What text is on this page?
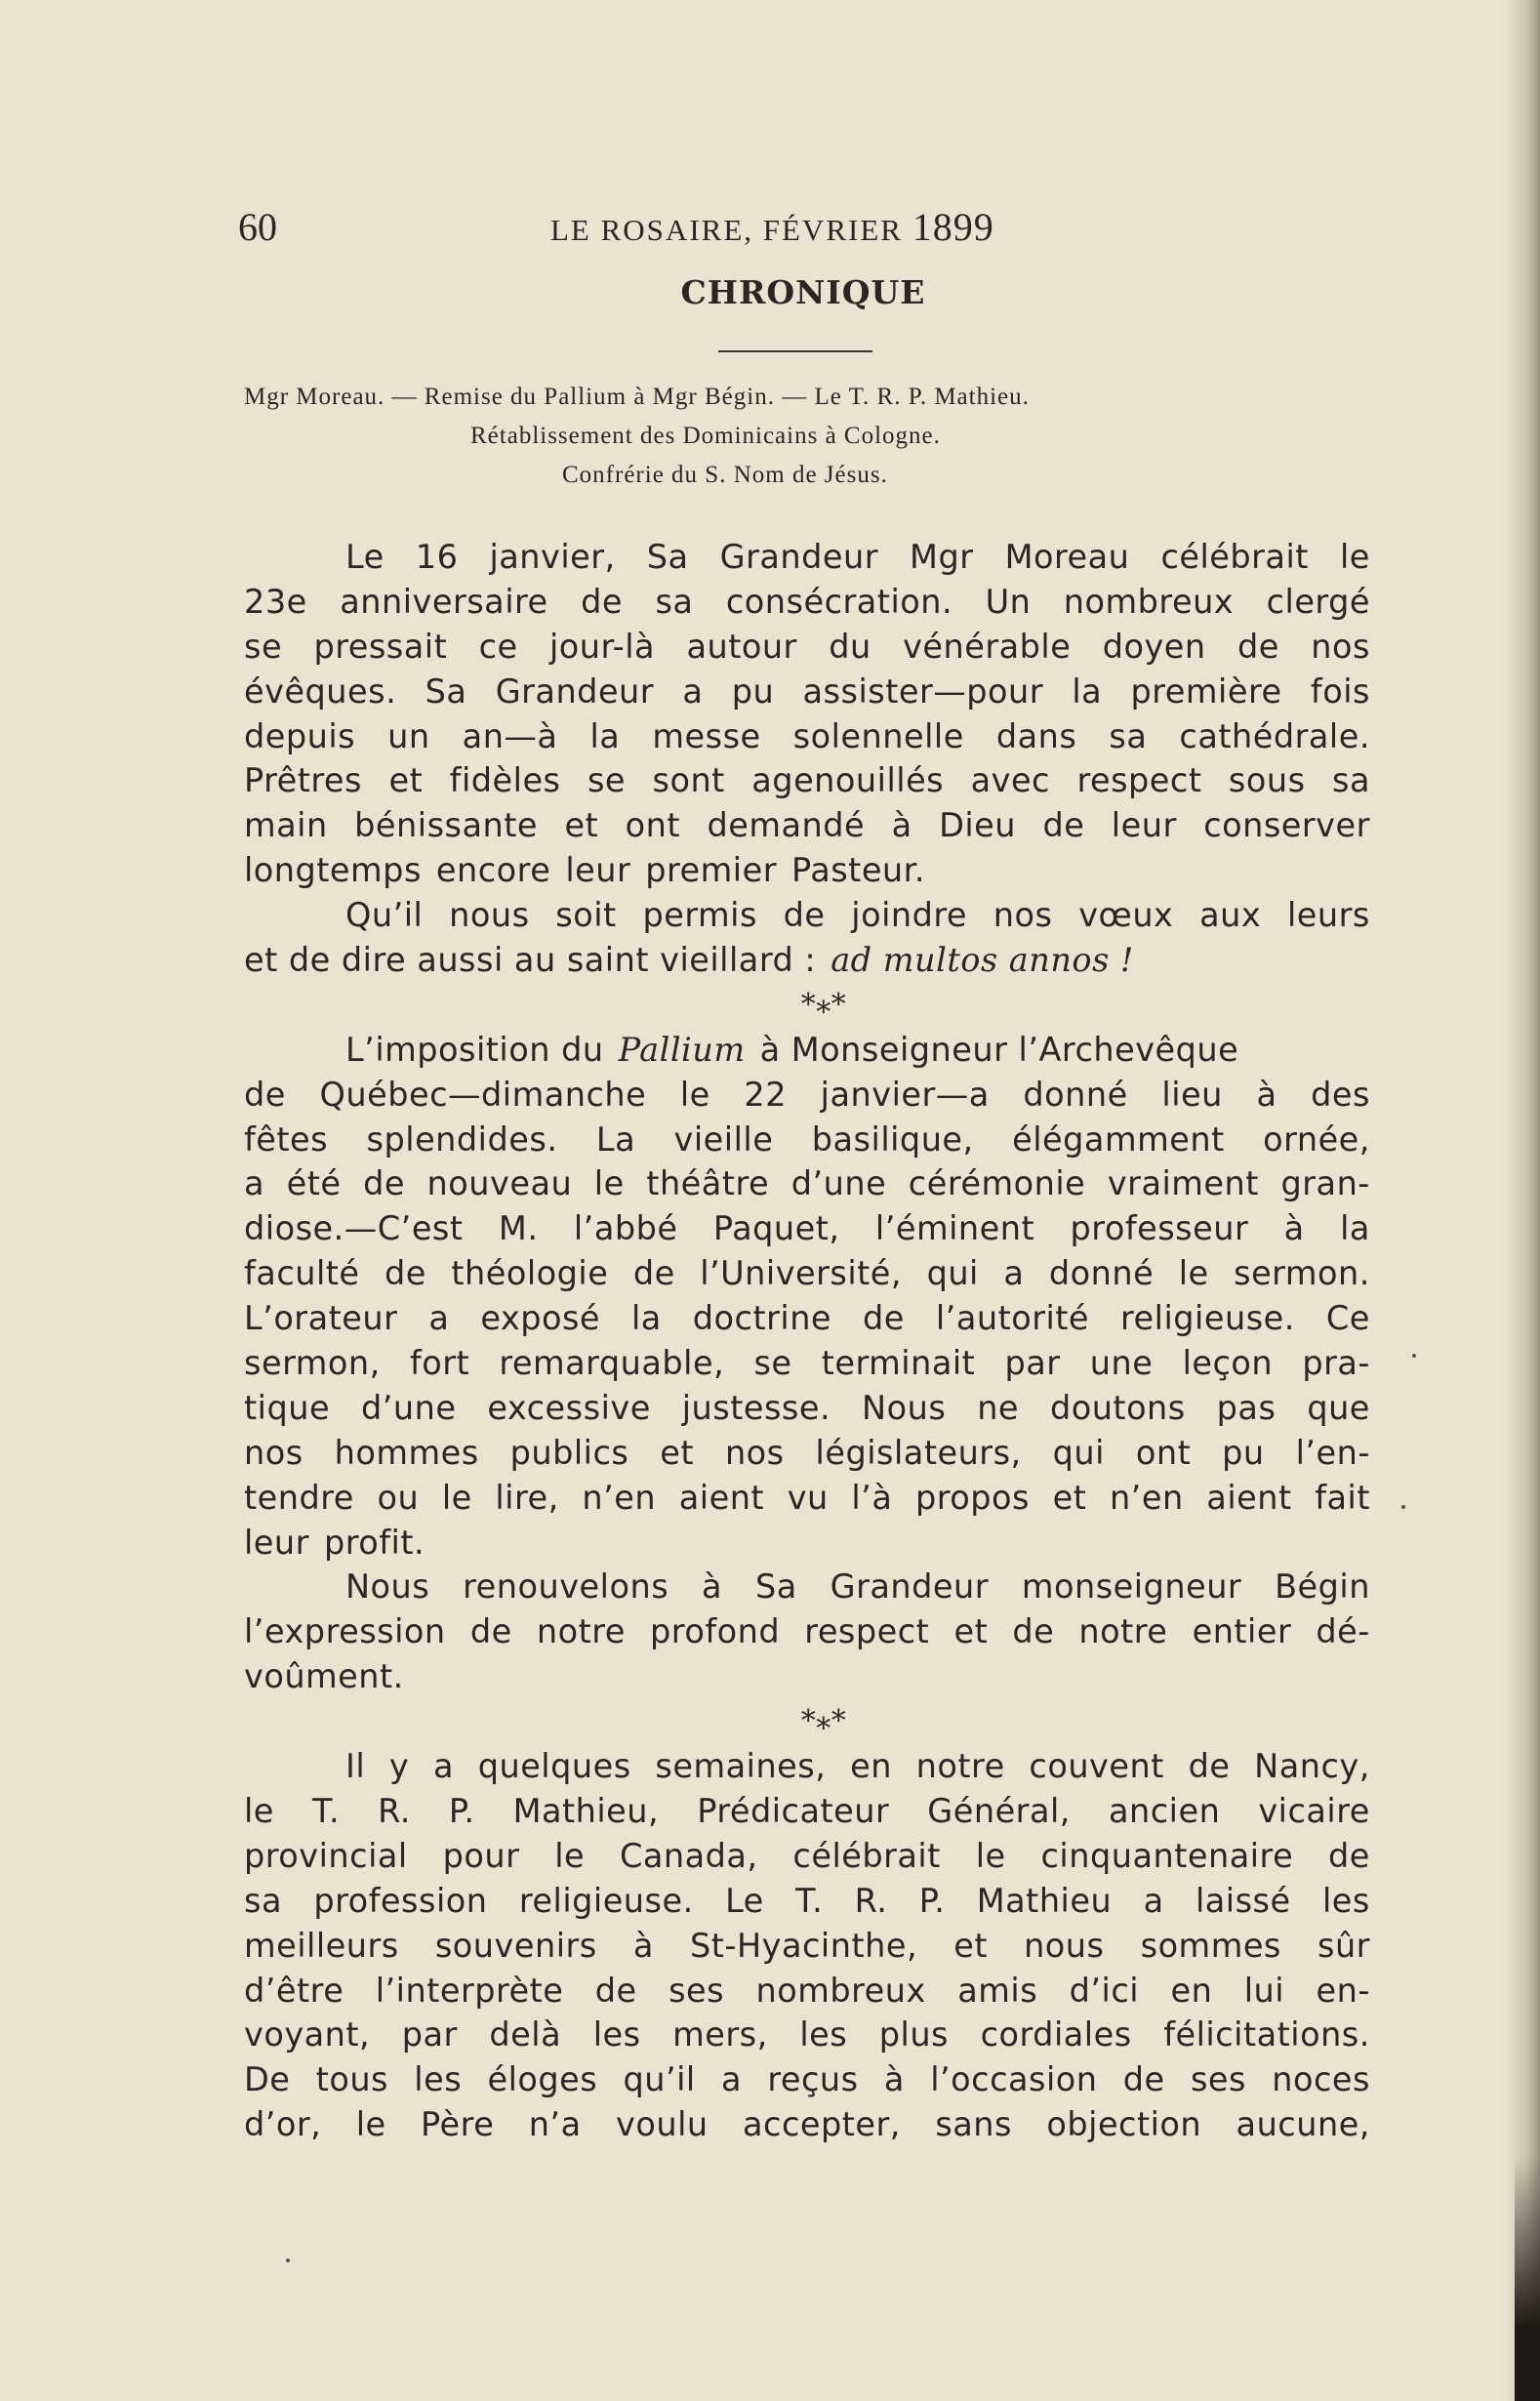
60	LE ROSAIRE, FÉVRIER 1899
CHRONIQUE
Mgr Moreau. — Remise du Pallium à Mgr Bégin. — Le T. R. P. Mathieu.
Rétablissement des Dominicains à Cologne.
Confrérie du S. Nom de Jésus.
Le 16 janvier, Sa Grandeur Mgr Moreau célébrait le
23e anniversaire de sa consécration. Un nombreux clergé
se pressait ce jour-là autour du vénérable doyen de nos
évêques. Sa Grandeur a pu assister—pour la première fois
depuis un an—à la messe solennelle dans sa cathédrale.
Prêtres et fidèles se sont agenouillés avec respect sous sa
main bénissante et ont demandé à Dieu de leur conserver
longtemps encore leur premier Pasteur.
Qu’il nous soit permis de joindre nos vœux aux leurs
et de dire aussi au saint vieillard : ad multos annos !
***
L’imposition du Pallium à Monseigneur l’Archevêque
de Québec—dimanche le 22 janvier—a donné lieu à des
fêtes splendides. La vieille basilique, élégamment ornée,
a été de nouveau le théâtre d’une cérémonie vraiment gran-
diose.—C’est M. l’abbé Paquet, l’éminent professeur à la
faculté de théologie de l’Université, qui a donné le sermon.
L’orateur a exposé la doctrine de l’autorité religieuse. Ce
sermon, fort remarquable, se terminait par une leçon pra-
tique d’une excessive justesse. Nous ne doutons pas que
nos hommes publics et nos législateurs, qui ont pu l’en-
tendre ou le lire, n’en aient vu l’à propos et n’en aient fait
leur profit.
Nous renouvelons à Sa Grandeur monseigneur Bégin
l’expression de notre profond respect et de notre entier dé-
voûment.
***
Il y a quelques semaines, en notre couvent de Nancy,
le T. R. P. Mathieu, Prédicateur Général, ancien vicaire
provincial pour le Canada, célébrait le cinquantenaire de
sa profession religieuse. Le T. R. P. Mathieu a laissé les
meilleurs souvenirs à St-Hyacinthe, et nous sommes sûr
d’être l’interprète de ses nombreux amis d’ici en lui en-
voyant, par delà les mers, les plus cordiales félicitations.
De tous les éloges qu’il a reçus à l’occasion de ses noces
d’or, le Père n’a voulu accepter, sans objection aucune,
